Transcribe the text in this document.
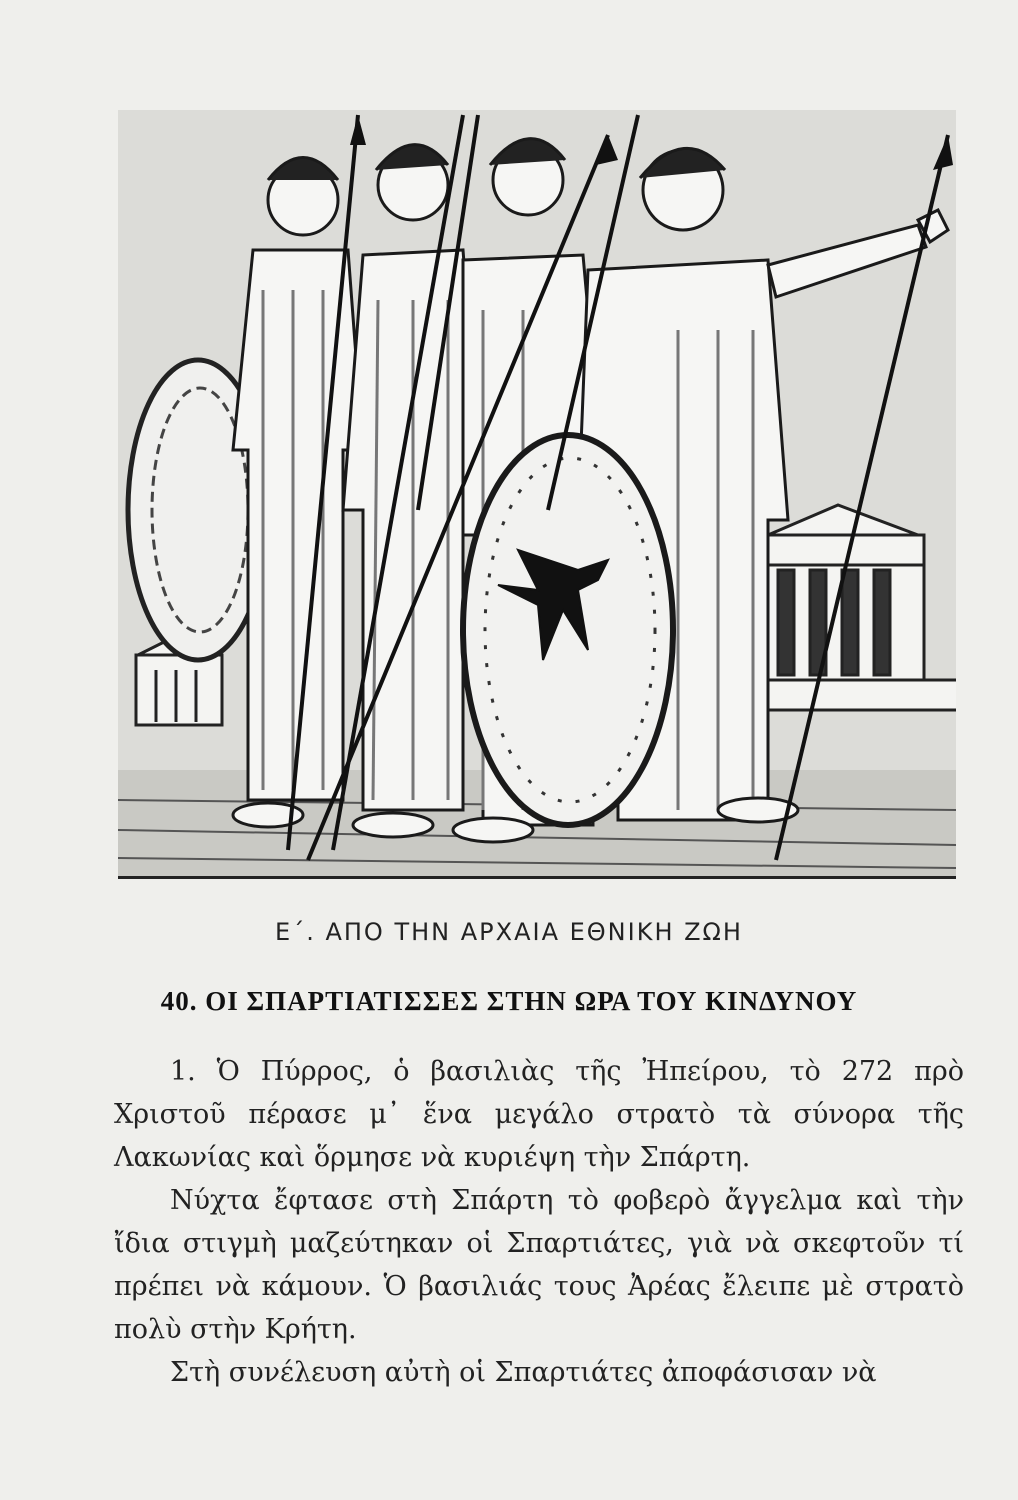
Ε΄. ΑΠΟ ΤΗΝ ΑΡΧΑΙΑ ΕΘΝΙΚΗ ΖΩΗ
40. ΟΙ ΣΠΑΡΤΙΑΤΙΣΣΕΣ ΣΤΗΝ ΩΡΑ ΤΟΥ ΚΙΝΔΥΝΟΥ

1. Ὁ Πύρρος, ὁ βασιλιὰς τῆς Ἠπείρου, τὸ 272 πρὸ Χριστοῦ πέρασε μ᾽ ἕνα μεγάλο στρατὸ τὰ σύνορα τῆς Λακωνίας καὶ ὅρμησε νὰ κυριέψη τὴν Σπάρτη.

Νύχτα ἔφτασε στὴ Σπάρτη τὸ φοβερὸ ἄγγελμα καὶ τὴν ἴδια στιγμὴ μαζεύτηκαν οἱ Σπαρτιάτες, γιὰ νὰ σκεφτοῦν τί πρέπει νὰ κάμουν. Ὁ βασιλιάς τους Ἀρέας ἔλειπε μὲ στρατὸ πολὺ στὴν Κρήτη.

Στὴ συνέλευση αὐτὴ οἱ Σπαρτιάτες ἀποφάσισαν νὰ
